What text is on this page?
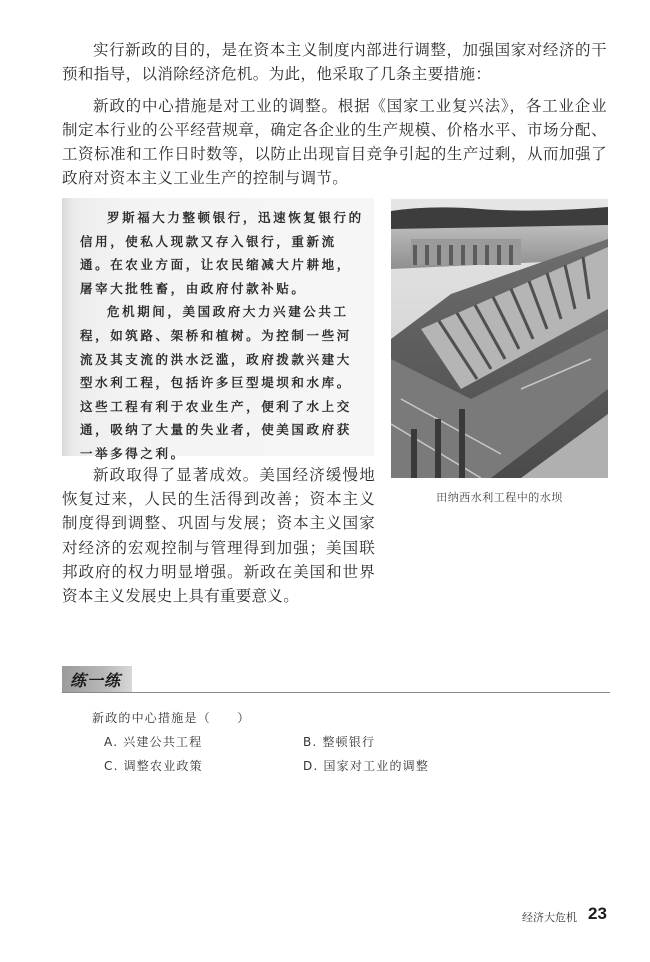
实行新政的目的，是在资本主义制度内部进行调整，加强国家对经济的干预和指导，以消除经济危机。为此，他采取了几条主要措施：

新政的中心措施是对工业的调整。根据《国家工业复兴法》，各工业企业制定本行业的公平经营规章，确定各企业的生产规模、价格水平、市场分配、工资标准和工作日时数等，以防止出现盲目竞争引起的生产过剩，从而加强了政府对资本主义工业生产的控制与调节。

罗斯福大力整顿银行，迅速恢复银行的信用，使私人现款又存入银行，重新流通。在农业方面，让农民缩减大片耕地，屠宰大批牲畜，由政府付款补贴。

危机期间，美国政府大力兴建公共工程，如筑路、架桥和植树。为控制一些河流及其支流的洪水泛滥，政府拨款兴建大型水利工程，包括许多巨型堤坝和水库。这些工程有利于农业生产，便利了水上交通，吸纳了大量的失业者，使美国政府获一举多得之利。

田纳西水利工程中的水坝

新政取得了显著成效。美国经济缓慢地恢复过来，人民的生活得到改善；资本主义制度得到调整、巩固与发展；资本主义国家对经济的宏观控制与管理得到加强；美国联邦政府的权力明显增强。新政在美国和世界资本主义发展史上具有重要意义。

练一练
新政的中心措施是（　　）
A. 兴建公共工程	B. 整顿银行
C. 调整农业政策	D. 国家对工业的调整
经济大危机 23
